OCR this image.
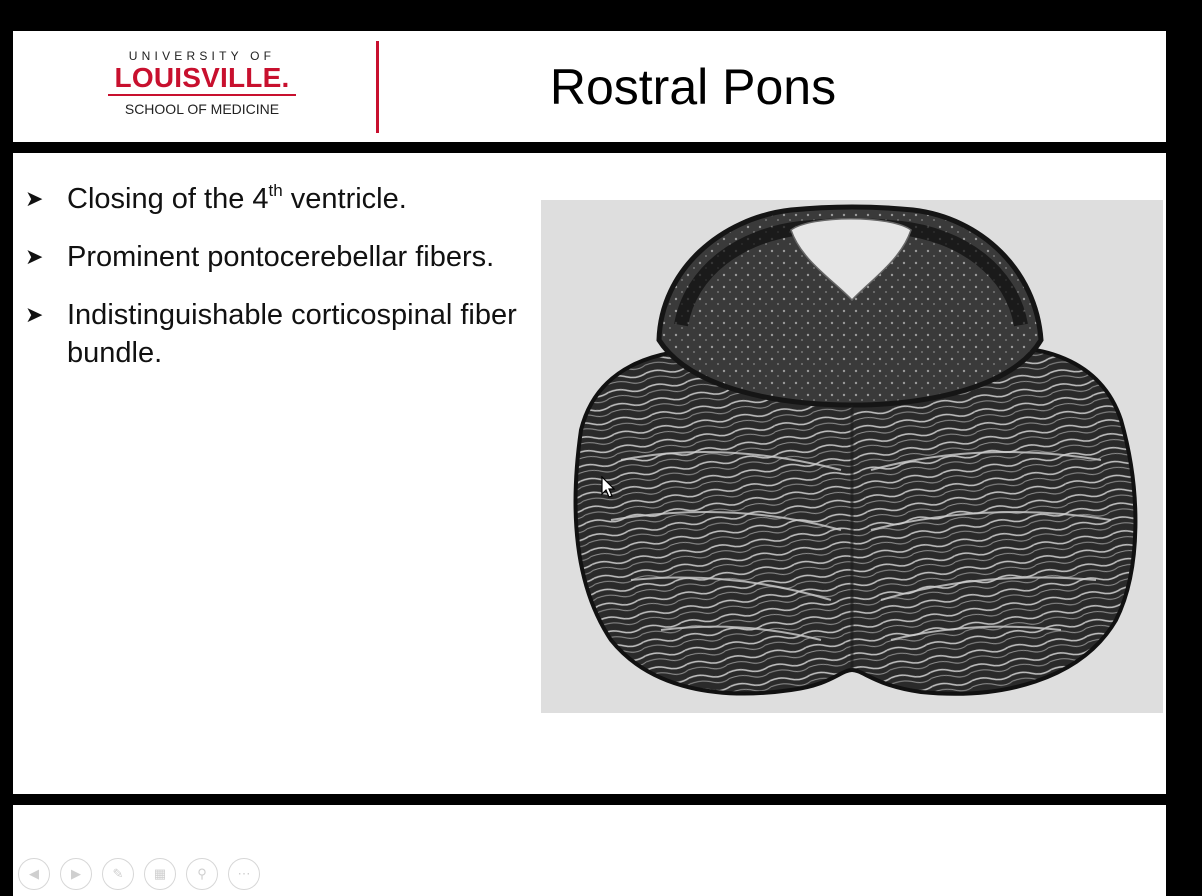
UNIVERSITY OF
LOUISVILLE.
SCHOOL OF MEDICINE	Rostral Pons
➤ Closing of the 4th ventricle.
➤ Prominent pontocerebellar fibers.
➤ Indistinguishable corticospinal fiber bundle.
◀	▶	✎	▦	⚲	⋯
